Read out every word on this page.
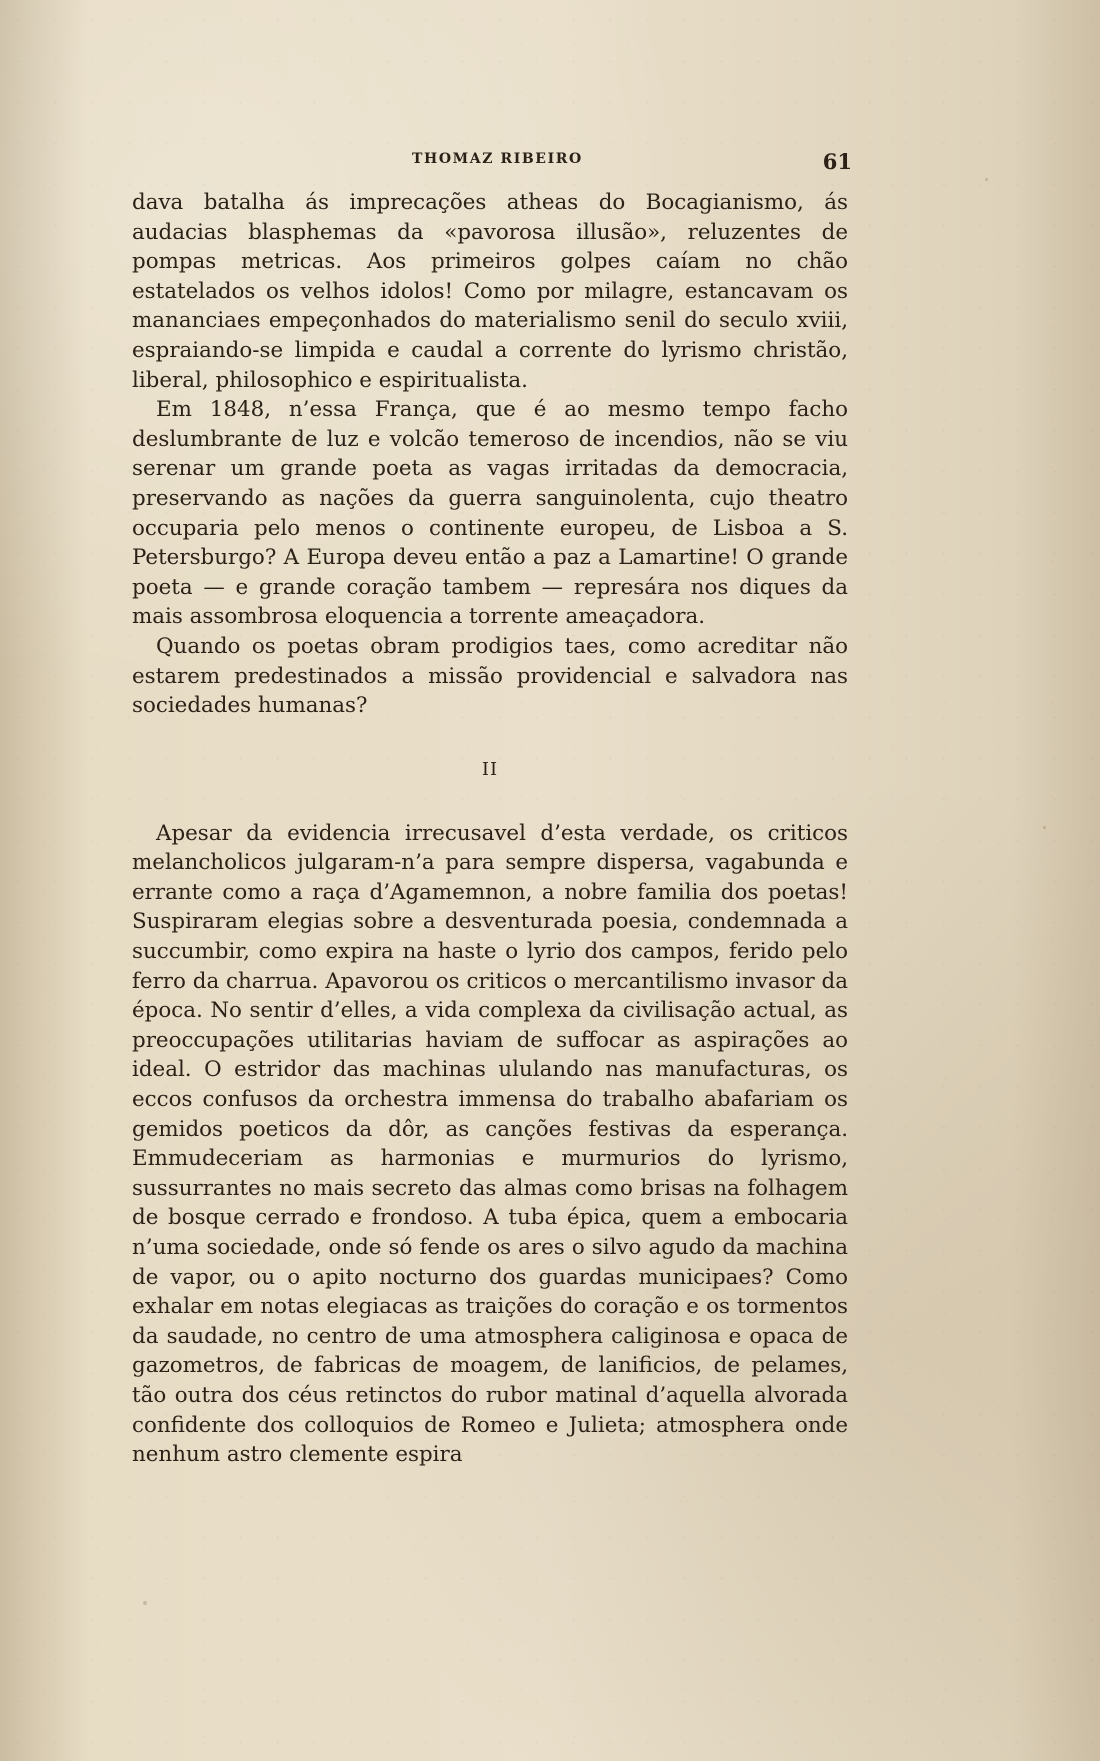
THOMAZ RIBEIRO	61

dava batalha ás imprecações atheas do Bocagianismo, ás audacias blasphemas da «pavorosa illusão», reluzentes de pompas metricas. Aos primeiros golpes caíam no chão estatelados os velhos idolos! Como por milagre, estancavam os mananciaes empeçonhados do materialismo senil do seculo xviii, espraiando-se limpida e caudal a corrente do lyrismo christão, liberal, philosophico e espiritualista.

Em 1848, n’essa França, que é ao mesmo tempo facho deslumbrante de luz e volcão temeroso de incendios, não se viu serenar um grande poeta as vagas irritadas da democracia, preservando as nações da guerra sanguinolenta, cujo theatro occuparia pelo menos o continente europeu, de Lisboa a S. Petersburgo? A Europa deveu então a paz a Lamartine! O grande poeta — e grande coração tambem — represára nos diques da mais assombrosa eloquencia a torrente ameaçadora.

Quando os poetas obram prodigios taes, como acreditar não estarem predestinados a missão providencial e salvadora nas sociedades humanas?

II

Apesar da evidencia irrecusavel d’esta verdade, os criticos melancholicos julgaram-n’a para sempre dispersa, vagabunda e errante como a raça d’Agamemnon, a nobre familia dos poetas! Suspiraram elegias sobre a desventurada poesia, condemnada a succumbir, como expira na haste o lyrio dos campos, ferido pelo ferro da charrua. Apavorou os criticos o mercantilismo invasor da época. No sentir d’elles, a vida complexa da civilisação actual, as preoccupações utilitarias haviam de suffocar as aspirações ao ideal. O estridor das machinas ululando nas manufacturas, os eccos confusos da orchestra immensa do trabalho abafariam os gemidos poeticos da dôr, as canções festivas da esperança. Emmudeceriam as harmonias e murmurios do lyrismo, sussurrantes no mais secreto das almas como brisas na folhagem de bosque cerrado e frondoso. A tuba épica, quem a embocaria n’uma sociedade, onde só fende os ares o silvo agudo da machina de vapor, ou o apito nocturno dos guardas municipaes? Como exhalar em notas elegiacas as traições do coração e os tormentos da saudade, no centro de uma atmosphera caliginosa e opaca de gazometros, de fabricas de moagem, de lanificios, de pelames, tão outra dos céus retinctos do rubor matinal d’aquella alvorada confidente dos colloquios de Romeo e Julieta; atmosphera onde nenhum astro clemente espira
